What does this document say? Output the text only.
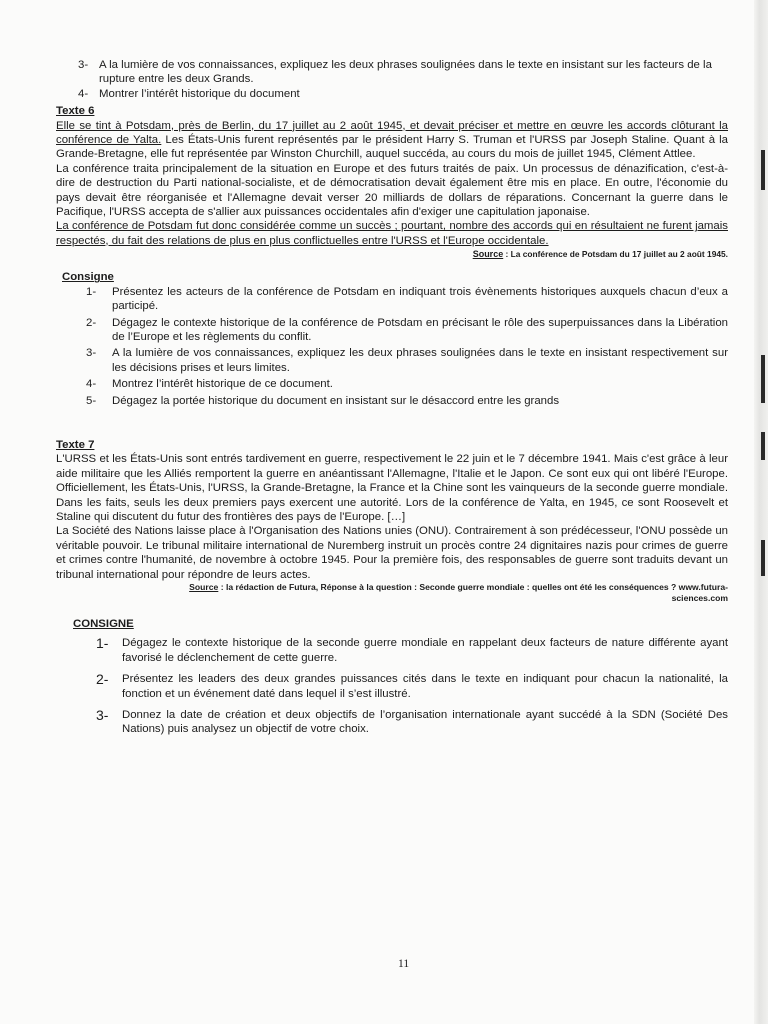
3- A la lumière de vos connaissances, expliquez les deux phrases soulignées dans le texte en insistant sur les facteurs de la rupture entre les deux Grands.
4- Montrer l’intérêt historique du document
Texte 6

Elle se tint à Potsdam, près de Berlin, du 17 juillet au 2 août 1945, et devait préciser et mettre en œuvre les accords clôturant la conférence de Yalta. Les États-Unis furent représentés par le président Harry S. Truman et l'URSS par Joseph Staline. Quant à la Grande-Bretagne, elle fut représentée par Winston Churchill, auquel succéda, au cours du mois de juillet 1945, Clément Attlee.

La conférence traita principalement de la situation en Europe et des futurs traités de paix. Un processus de dénazification, c'est-à-dire de destruction du Parti national-socialiste, et de démocratisation devait également être mis en place. En outre, l'économie du pays devait être réorganisée et l'Allemagne devait verser 20 milliards de dollars de réparations. Concernant la guerre dans le Pacifique, l'URSS accepta de s'allier aux puissances occidentales afin d'exiger une capitulation japonaise.

La conférence de Potsdam fut donc considérée comme un succès ; pourtant, nombre des accords qui en résultaient ne furent jamais respectés, du fait des relations de plus en plus conflictuelles entre l'URSS et l'Europe occidentale.

Source : La conférence de Potsdam du 17 juillet au 2 août 1945.
Consigne
1-	Présentez les acteurs de la conférence de Potsdam en indiquant trois évènements historiques auxquels chacun d’eux a participé.
2-	Dégagez le contexte historique de la conférence de Potsdam en précisant le rôle des superpuissances dans la Libération de l’Europe et les règlements du conflit.
3-	A la lumière de vos connaissances, expliquez les deux phrases soulignées dans le texte en insistant respectivement sur les décisions prises et leurs limites.
4-	Montrez l’intérêt historique de ce document.
5-	Dégagez la portée historique du document en insistant sur le désaccord entre les grands
Texte 7

L'URSS et les États-Unis sont entrés tardivement en guerre, respectivement le 22 juin et le 7 décembre 1941. Mais c'est grâce à leur aide militaire que les Alliés remportent la guerre en anéantissant l'Allemagne, l'Italie et le Japon. Ce sont eux qui ont libéré l'Europe. Officiellement, les États-Unis, l'URSS, la Grande-Bretagne, la France et la Chine sont les vainqueurs de la seconde guerre mondiale. Dans les faits, seuls les deux premiers pays exercent une autorité. Lors de la conférence de Yalta, en 1945, ce sont Roosevelt et Staline qui discutent du futur des frontières des pays de l'Europe. […]

La Société des Nations laisse place à l'Organisation des Nations unies (ONU). Contrairement à son prédécesseur, l'ONU possède un véritable pouvoir. Le tribunal militaire international de Nuremberg instruit un procès contre 24 dignitaires nazis pour crimes de guerre et crimes contre l'humanité, de novembre à octobre 1945. Pour la première fois, des responsables de guerre sont traduits devant un tribunal international pour répondre de leurs actes.

Source : la rédaction de Futura, Réponse à la question : Seconde guerre mondiale : quelles ont été les conséquences ? www.futura-
sciences.com
CONSIGNE
1-	Dégagez le contexte historique de la seconde guerre mondiale en rappelant deux facteurs de nature différente ayant favorisé le déclenchement de cette guerre.
2-	Présentez les leaders des deux grandes puissances cités dans le texte en indiquant pour chacun la nationalité, la fonction et un événement daté dans lequel il s’est illustré.
3-	Donnez la date de création et deux objectifs de l’organisation internationale ayant succédé à la SDN (Société Des Nations) puis analysez un objectif de votre choix.
11
